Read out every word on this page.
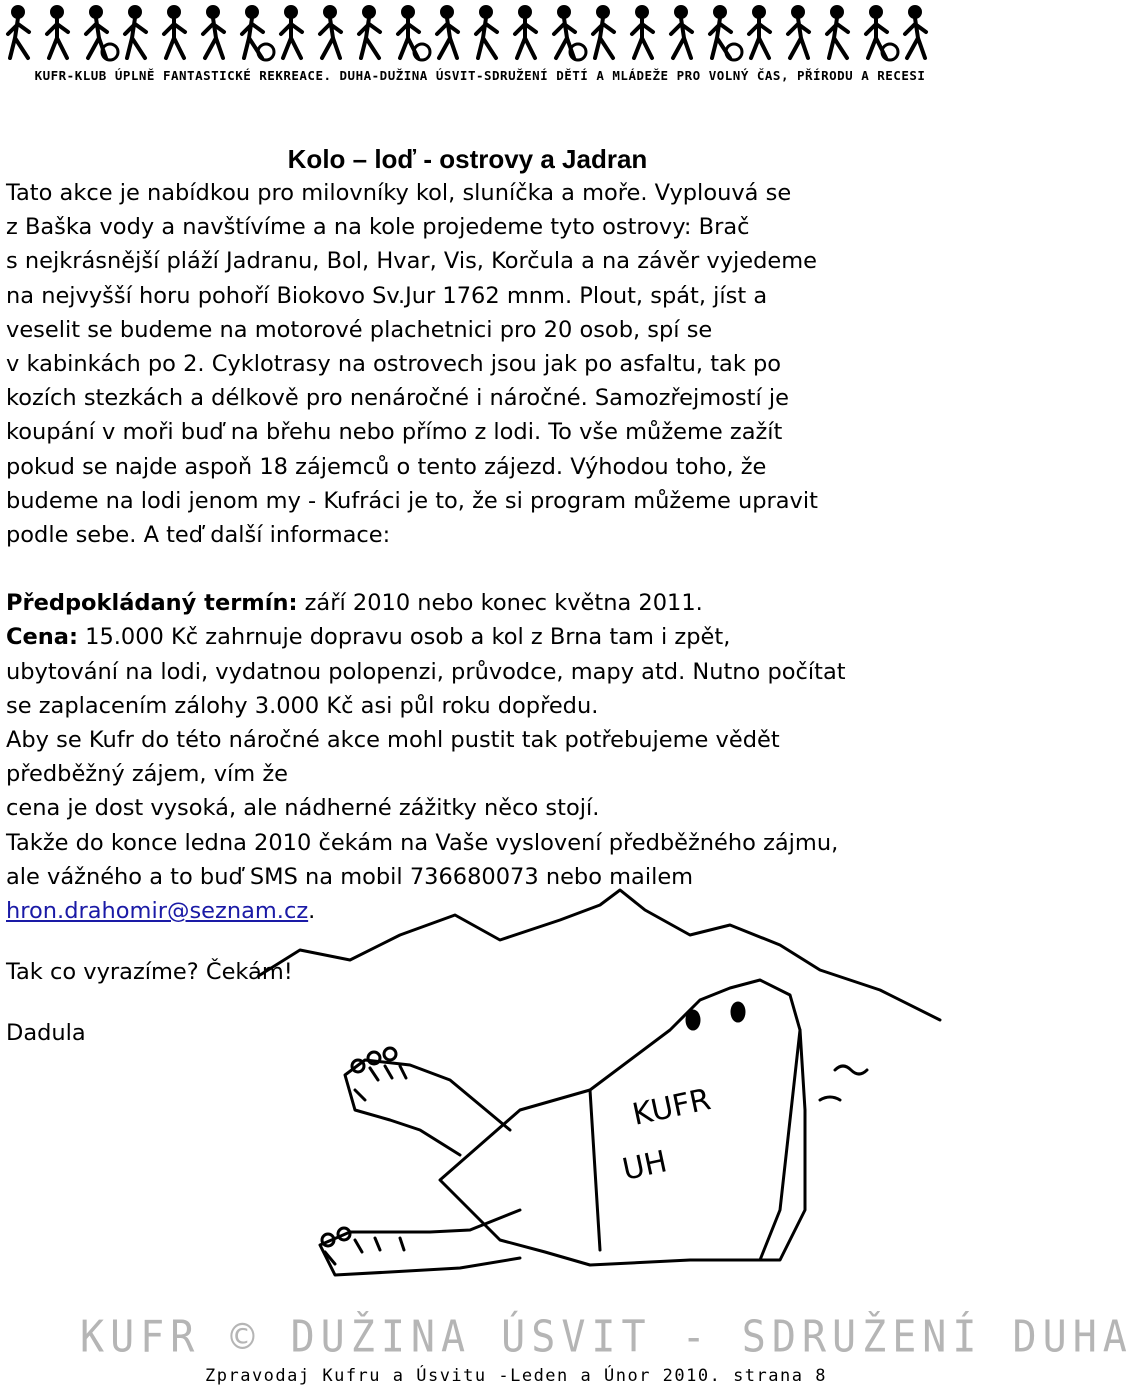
KUFR-KLUB ÚPLNĚ FANTASTICKÉ REKREACE. DUHA-DUŽINA ÚSVIT-SDRUŽENÍ DĚTÍ A MLÁDEŽE PRO VOLNÝ ČAS, PŘÍRODU A RECESI
Kolo – loď - ostrovy a Jadran
Tato akce je nabídkou pro milovníky kol, sluníčka a moře. Vyplouvá se
z Baška vody a navštívíme a na kole projedeme tyto ostrovy: Brač
s nejkrásnější pláží Jadranu, Bol, Hvar, Vis, Korčula a na závěr vyjedeme
na nejvyšší horu pohoří Biokovo Sv.Jur 1762 mnm. Plout, spát, jíst a
veselit se budeme na motorové plachetnici pro 20 osob, spí se
v kabinkách po 2. Cyklotrasy na ostrovech jsou jak po asfaltu, tak po
kozích stezkách a délkově pro nenáročné i náročné. Samozřejmostí je
koupání v moři buď na břehu nebo přímo z lodi. To vše můžeme zažít
pokud se najde aspoň 18 zájemců o tento zájezd. Výhodou toho, že
budeme na lodi jenom my - Kufráci je to, že si program můžeme upravit
podle sebe. A teď další informace:
Předpokládaný termín: září 2010 nebo konec května 2011.
Cena: 15.000 Kč zahrnuje dopravu osob a kol z Brna tam i zpět,
ubytování na lodi, vydatnou polopenzi, průvodce, mapy atd. Nutno počítat
se zaplacením zálohy 3.000 Kč asi půl roku dopředu.
Aby se Kufr do této náročné akce mohl pustit tak potřebujeme vědět
předběžný zájem, vím že
cena je dost vysoká, ale nádherné zážitky něco stojí.
Takže do konce ledna 2010 čekám na Vaše vyslovení předběžného zájmu,
ale vážného a to buď SMS na mobil 736680073 nebo mailem
hron.drahomir@seznam.cz.
Tak co vyrazíme? Čekám!
Dadula
KUFR
UH
KUFR © DUŽINA ÚSVIT - SDRUŽENÍ DUHA
Zpravodaj Kufru a Úsvitu -Leden a Únor 2010. strana 8
